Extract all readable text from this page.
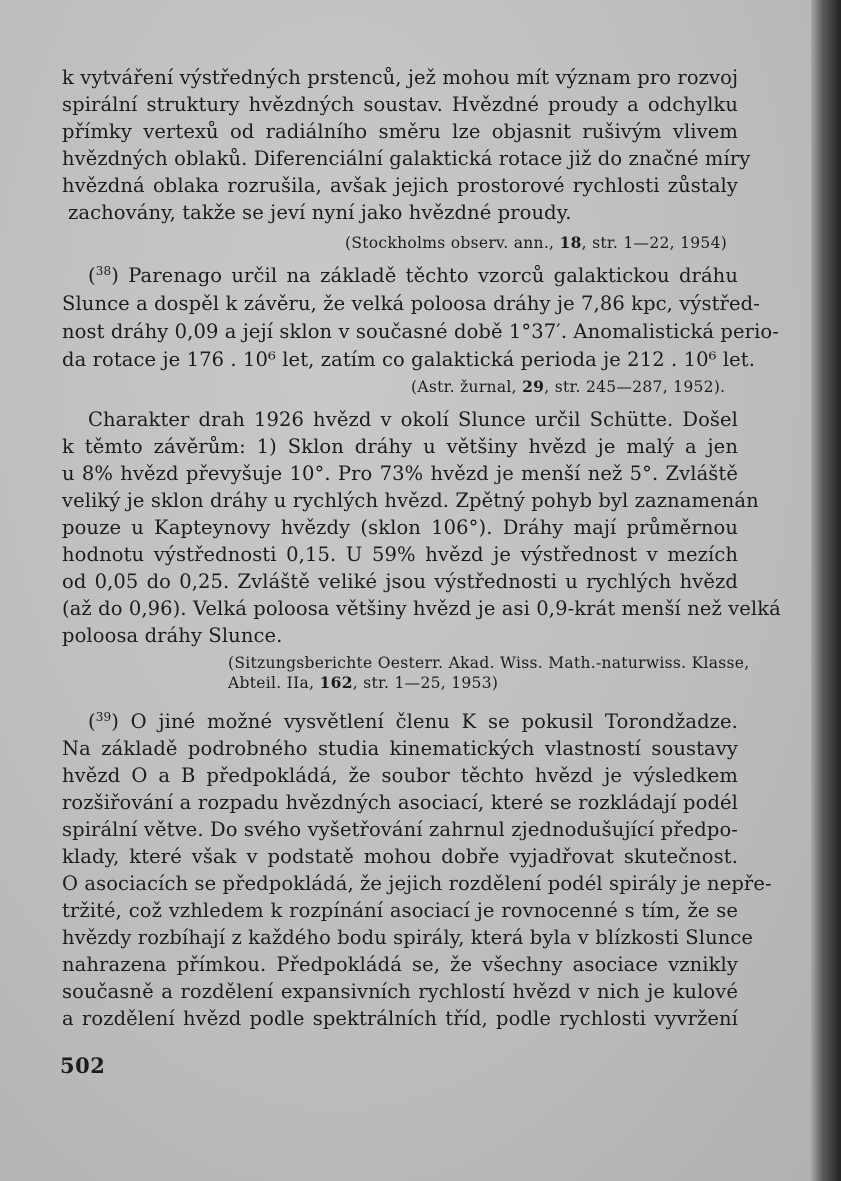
k vytváření výstředných prstenců, jež mohou mít význam pro rozvoj
spirální struktury hvězdných soustav. Hvězdné proudy a odchylku
přímky vertexů od radiálního směru lze objasnit rušivým vlivem
hvězdných oblaků. Diferenciální galaktická rotace již do značné míry
hvězdná oblaka rozrušila, avšak jejich prostorové rychlosti zůstaly
zachovány, takže se jeví nyní jako hvězdné proudy.
(Stockholms observ. ann., 18, str. 1—22, 1954)
($^{38}$) Parenago určil na základě těchto vzorců galaktickou dráhu
Slunce a dospěl k závěru, že velká poloosa dráhy je 7,86 kpc, výstřed-
nost dráhy 0,09 a její sklon v současné době 1°37′. Anomalistická perio-
da rotace je 176 . 10⁶ let, zatím co galaktická perioda je 212 . 10⁶ let.
(Astr. žurnal, 29, str. 245—287, 1952).
Charakter drah 1926 hvězd v okolí Slunce určil Schütte. Došel
k těmto závěrům: 1) Sklon dráhy u většiny hvězd je malý a jen
u 8% hvězd převyšuje 10°. Pro 73% hvězd je menší než 5°. Zvláště
veliký je sklon dráhy u rychlých hvězd. Zpětný pohyb byl zaznamenán
pouze u Kapteynovy hvězdy (sklon 106°). Dráhy mají průměrnou
hodnotu výstřednosti 0,15. U 59% hvězd je výstřednost v mezích
od 0,05 do 0,25. Zvláště veliké jsou výstřednosti u rychlých hvězd
(až do 0,96). Velká poloosa většiny hvězd je asi 0,9-krát menší než velká
poloosa dráhy Slunce.
(Sitzungsberichte Oesterr. Akad. Wiss. Math.-naturwiss. Klasse,
Abteil. IIa, 162, str. 1—25, 1953)
($^{39}$) O jiné možné vysvětlení členu K se pokusil Torondžadze.
Na základě podrobného studia kinematických vlastností soustavy
hvězd O a B předpokládá, že soubor těchto hvězd je výsledkem
rozšiřování a rozpadu hvězdných asociací, které se rozkládají podél
spirální větve. Do svého vyšetřování zahrnul zjednodušující předpo-
klady, které však v podstatě mohou dobře vyjadřovat skutečnost.
O asociacích se předpokládá, že jejich rozdělení podél spirály je nepře-
tržité, což vzhledem k rozpínání asociací je rovnocenné s tím, že se
hvězdy rozbíhají z každého bodu spirály, která byla v blízkosti Slunce
nahrazena přímkou. Předpokládá se, že všechny asociace vznikly
současně a rozdělení expansivních rychlostí hvězd v nich je kulové
a rozdělení hvězd podle spektrálních tříd, podle rychlosti vyvržení
502
